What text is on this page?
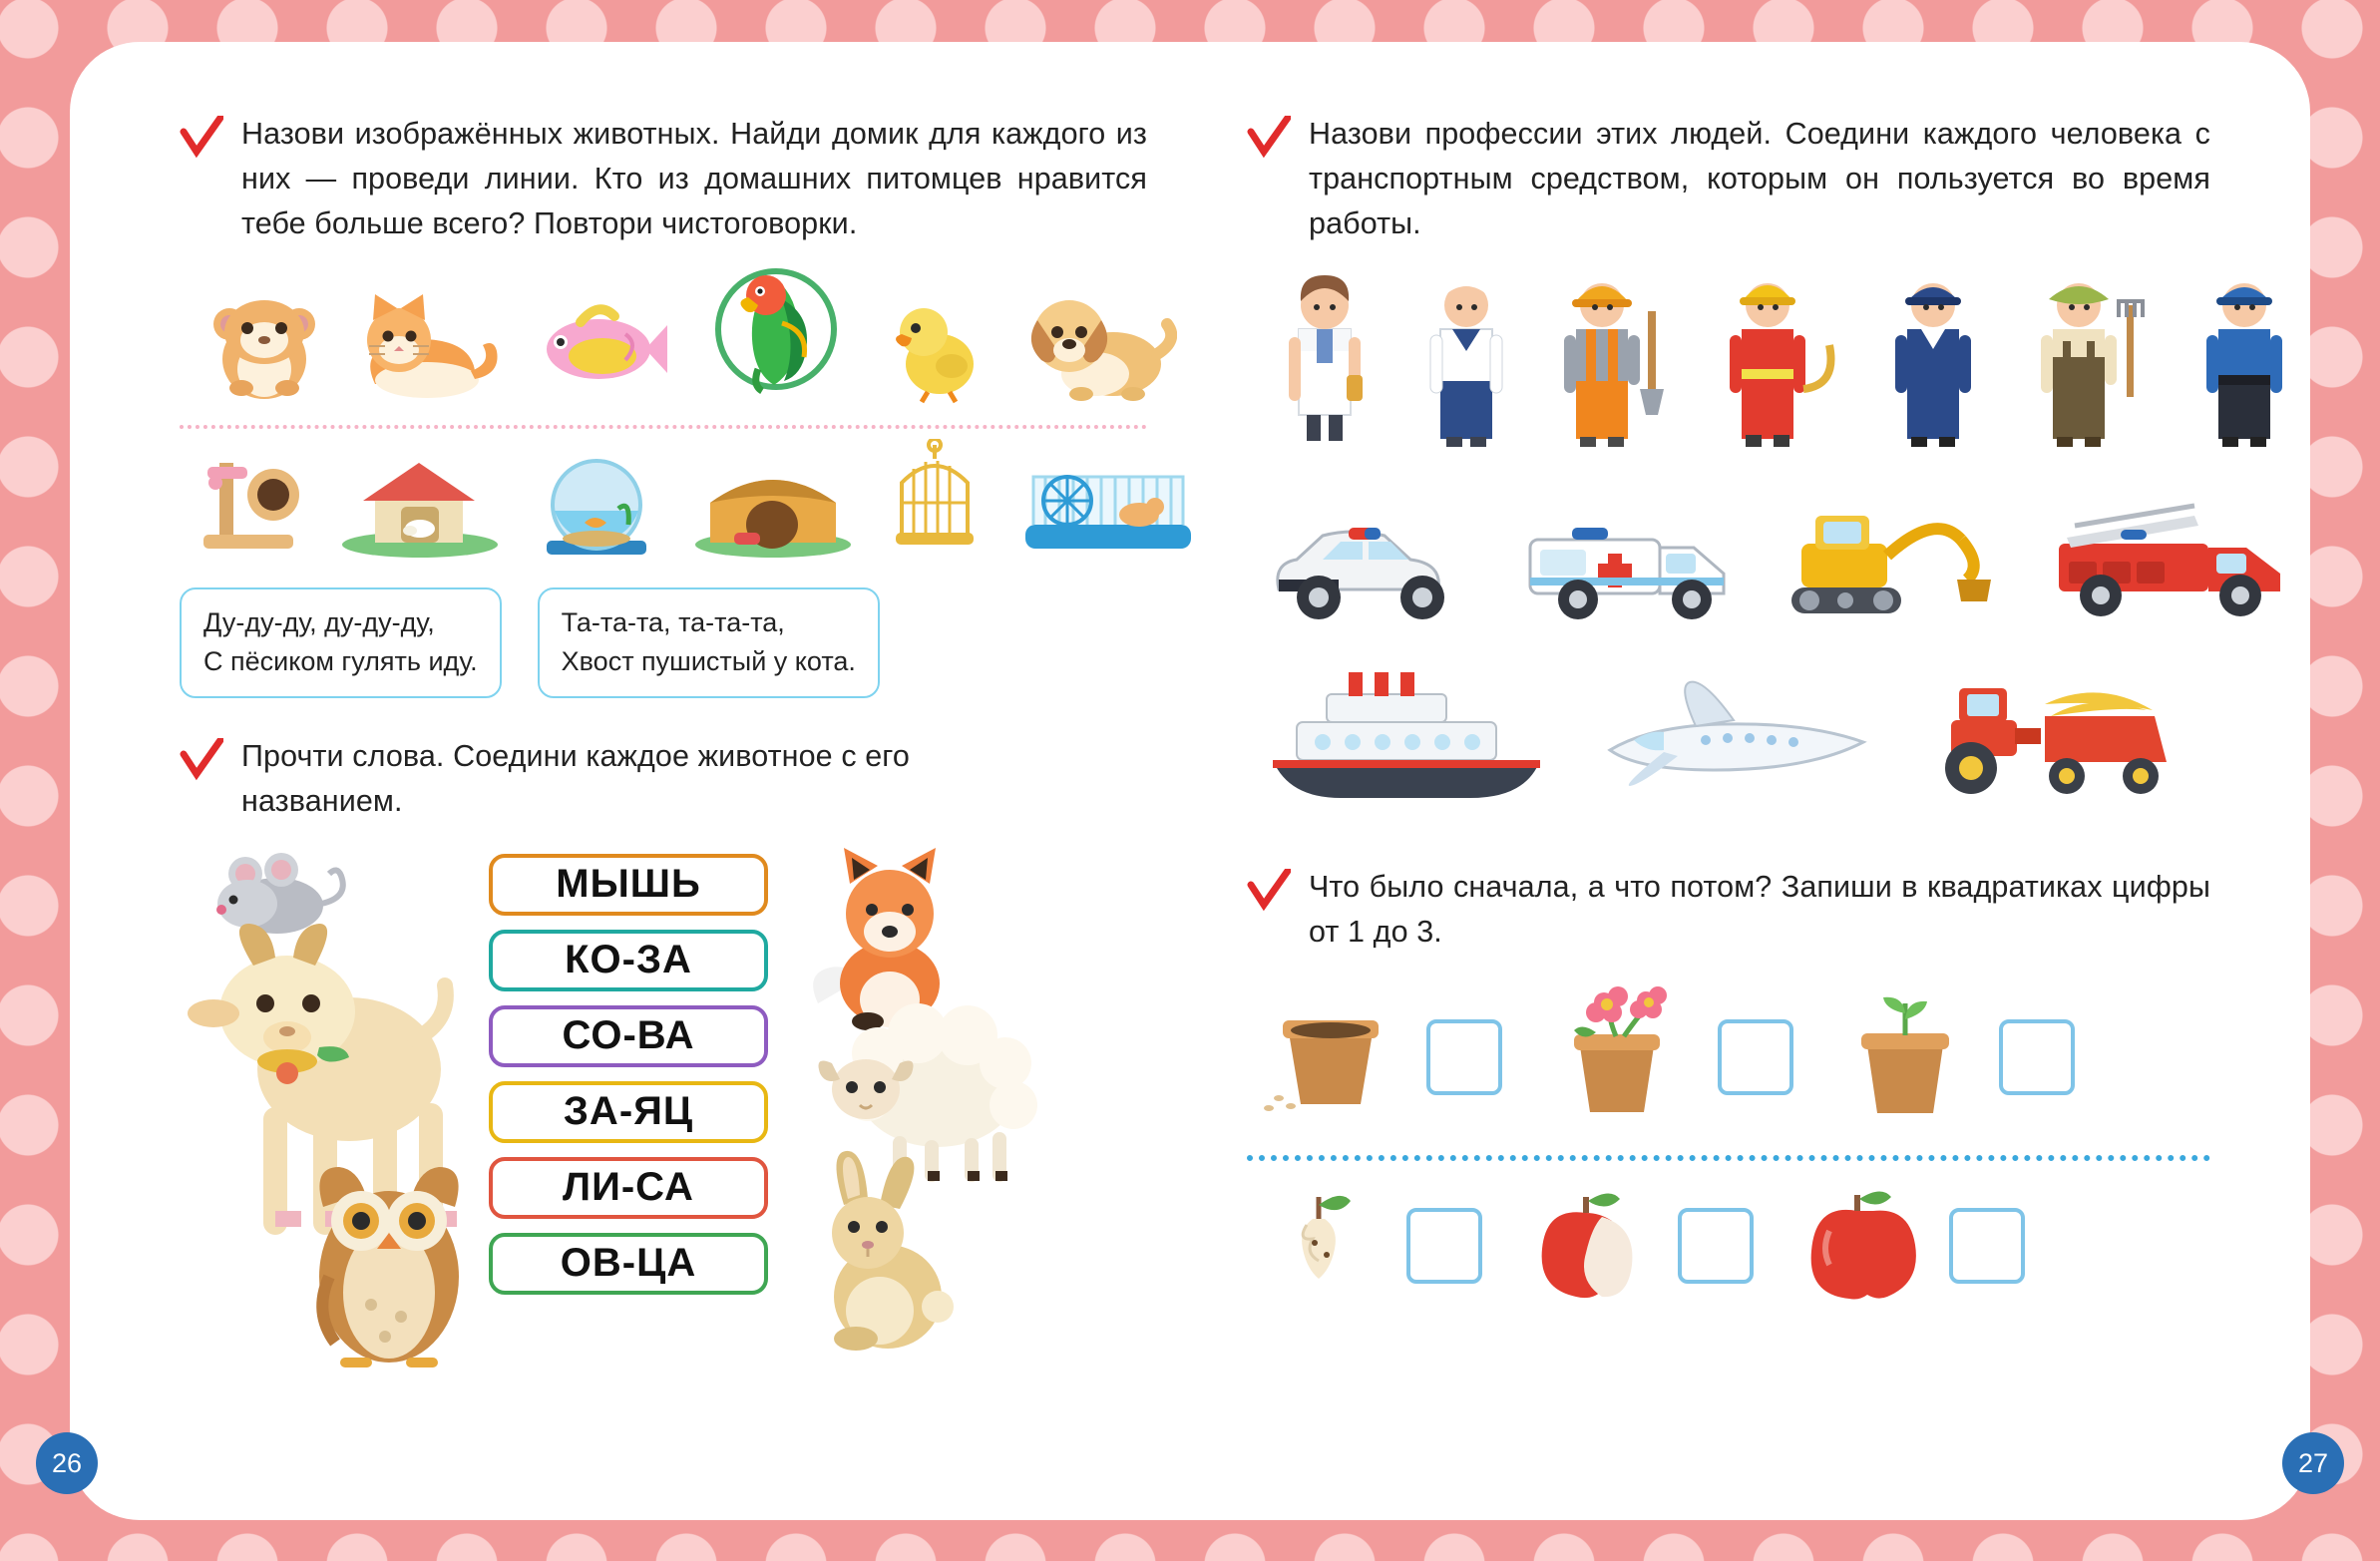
Назови изображённых животных. Найди домик для каждого из них — проведи линии. Кто из домашних питомцев нравится тебе больше всего? Повтори чистоговорки.
Ду-ду-ду, ду-ду-ду,
С пёсиком гулять иду.
Та-та-та, та-та-та,
Хвост пушистый у кота.
Прочти слова. Соедини каждое животное с его названием.
МЫШЬ
КО-ЗА
СО-ВА
ЗА-ЯЦ
ЛИ-СА
ОВ-ЦА
26
Назови профессии этих людей. Соедини каждого человека с транспортным средством, которым он пользуется во время работы.
Что было сначала, а что потом? Запиши в квадратиках цифры от 1 до 3.
27
